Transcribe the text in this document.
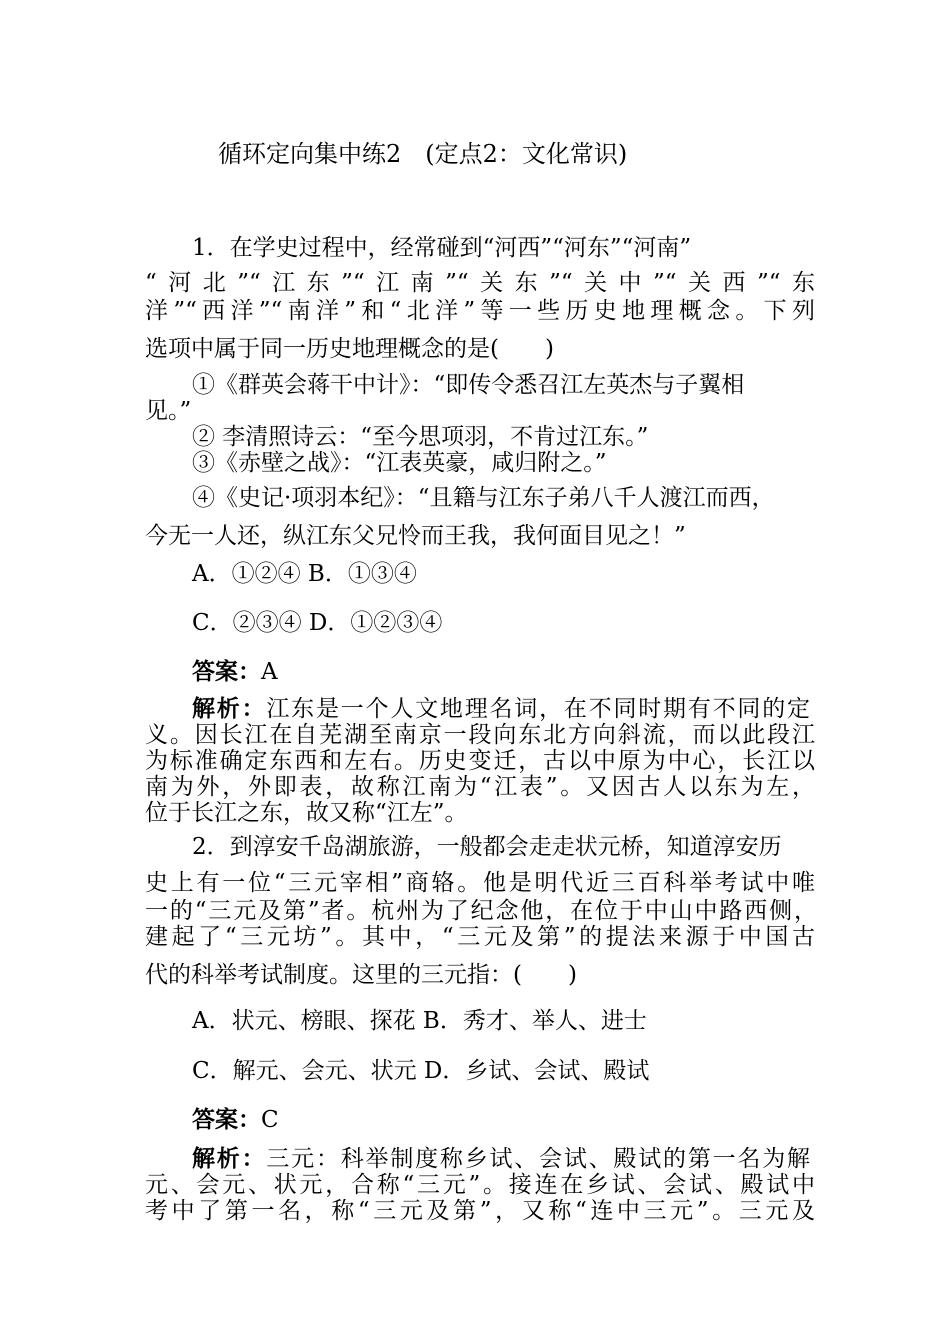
循环定向集中练2　(定点2：文化常识)
1．在学史过程中，经常碰到“河西”“河东”“河南”
“河北”“江东”“江南”“关东”“关中”“关西”“东
洋”“西洋”“南洋”和“北洋”等一些历史地理概念。下列
选项中属于同一历史地理概念的是(　　)
①《群英会蒋干中计》：“即传令悉召江左英杰与子翼相
见。”
② 李清照诗云：“至今思项羽，不肯过江东。”
③《赤壁之战》：“江表英豪，咸归附之。”
④《史记·项羽本纪》：“且籍与江东子弟八千人渡江而西，
今无一人还，纵江东父兄怜而王我，我何面目见之！”
A．①②④ B．①③④
C．②③④ D．①②③④
答案：A
解析：江东是一个人文地理名词，在不同时期有不同的定
义。因长江在自芜湖至南京一段向东北方向斜流，而以此段江
为标准确定东西和左右。历史变迁，古以中原为中心，长江以
南为外，外即表，故称江南为“江表”。又因古人以东为左，
位于长江之东，故又称“江左”。
2．到淳安千岛湖旅游，一般都会走走状元桥，知道淳安历
史上有一位“三元宰相”商辂。他是明代近三百科举考试中唯
一的“三元及第”者。杭州为了纪念他，在位于中山中路西侧，
建起了“三元坊”。其中，“三元及第”的提法来源于中国古
代的科举考试制度。这里的三元指：(　　)
A．状元、榜眼、探花 B．秀才、举人、进士
C．解元、会元、状元 D．乡试、会试、殿试
答案：C
解析：三元：科举制度称乡试、会试、殿试的第一名为解
元、会元、状元，合称“三元”。接连在乡试、会试、殿试中
考中了第一名，称“三元及第”，又称“连中三元”。三元及
